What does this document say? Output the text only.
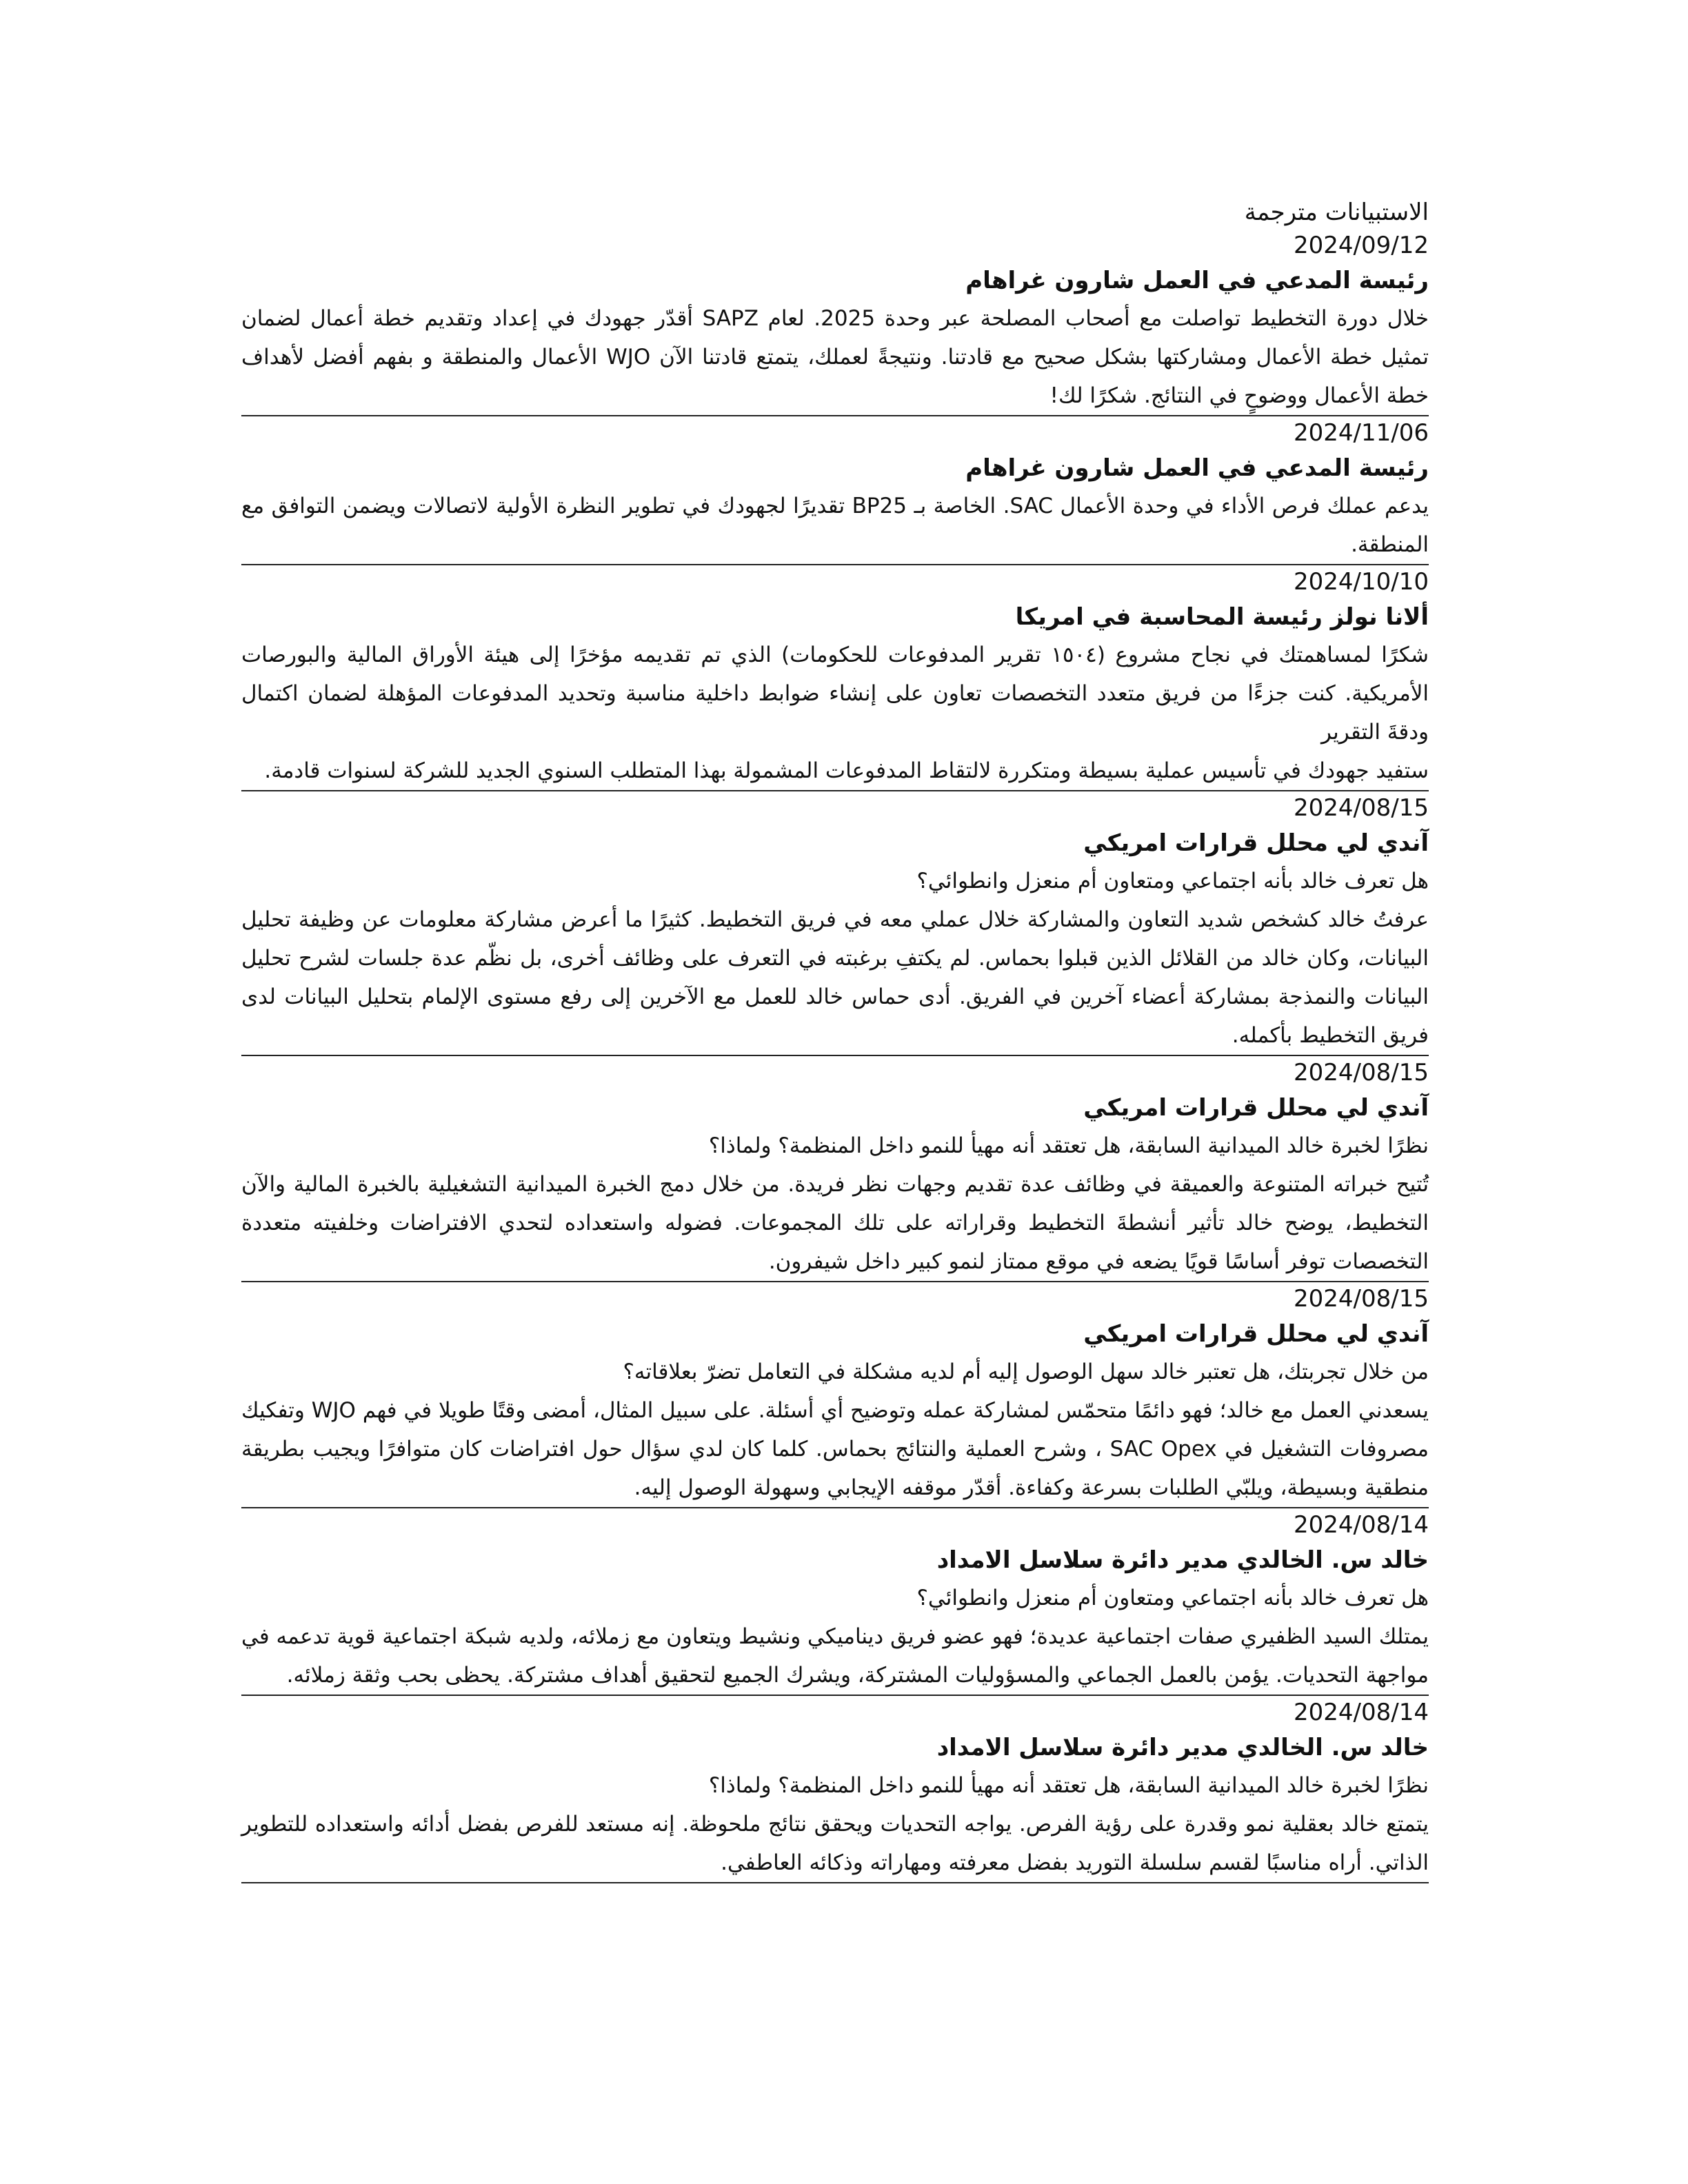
الاستبيانات مترجمة
2024/09/12
رئيسة المدعي في العمل شارون غراهام

خلال دورة التخطيط تواصلت مع أصحاب المصلحة عبر وحدة 2025. لعام SAPZ أقدّر جهودك في إعداد وتقديم خطة أعمال لضمان تمثيل خطة الأعمال ومشاركتها بشكل صحيح مع قادتنا. ونتيجةً لعملك، يتمتع قادتنا الآن WJO الأعمال والمنطقة و بفهم أفضل لأهداف خطة الأعمال ووضوحٍ في النتائج. شكرًا لك!

2024/11/06
رئيسة المدعي في العمل شارون غراهام

يدعم عملك فرص الأداء في وحدة الأعمال SAC. الخاصة بـ BP25 تقديرًا لجهودك في تطوير النظرة الأولية لاتصالات ويضمن التوافق مع المنطقة.

2024/10/10
ألانا نولز رئيسة المحاسبة في امريكا

شكرًا لمساهمتك في نجاح مشروع (١٥٠٤ تقرير المدفوعات للحكومات) الذي تم تقديمه مؤخرًا إلى هيئة الأوراق المالية والبورصات الأمريكية. كنت جزءًا من فريق متعدد التخصصات تعاون على إنشاء ضوابط داخلية مناسبة وتحديد المدفوعات المؤهلة لضمان اكتمال ودقةَ التقرير

ستفيد جهودك في تأسيس عملية بسيطة ومتكررة لالتقاط المدفوعات المشمولة بهذا المتطلب السنوي الجديد للشركة لسنوات قادمة.

2024/08/15
آندي لي محلل قرارات امريكي

هل تعرف خالد بأنه اجتماعي ومتعاون أم منعزل وانطوائي؟

عرفتُ خالد كشخص شديد التعاون والمشاركة خلال عملي معه في فريق التخطيط. كثيرًا ما أعرض مشاركة معلومات عن وظيفة تحليل البيانات، وكان خالد من القلائل الذين قبلوا بحماس. لم يكتفِ برغبته في التعرف على وظائف أخرى، بل نظّم عدة جلسات لشرح تحليل البيانات والنمذجة بمشاركة أعضاء آخرين في الفريق. أدى حماس خالد للعمل مع الآخرين إلى رفع مستوى الإلمام بتحليل البيانات لدى فريق التخطيط بأكمله.

2024/08/15
آندي لي محلل قرارات امريكي

نظرًا لخبرة خالد الميدانية السابقة، هل تعتقد أنه مهيأ للنمو داخل المنظمة؟ ولماذا؟

تُتيح خبراته المتنوعة والعميقة في وظائف عدة تقديم وجهات نظر فريدة. من خلال دمج الخبرة الميدانية التشغيلية بالخبرة المالية والآن التخطيط، يوضح خالد تأثير أنشطةَ التخطيط وقراراته على تلك المجموعات. فضوله واستعداده لتحدي الافتراضات وخلفيته متعددة التخصصات توفر أساسًا قويًا يضعه في موقع ممتاز لنمو كبير داخل شيفرون.

2024/08/15
آندي لي محلل قرارات امريكي

من خلال تجربتك، هل تعتبر خالد سهل الوصول إليه أم لديه مشكلة في التعامل تضرّ بعلاقاته؟

يسعدني العمل مع خالد؛ فهو دائمًا متحمّس لمشاركة عمله وتوضيح أي أسئلة. على سبيل المثال، أمضى وقتًا طويلا في فهم WJO وتفكيك مصروفات التشغيل في SAC Opex ، وشرح العملية والنتائج بحماس. كلما كان لدي سؤال حول افتراضات كان متوافرًا ويجيب بطريقة منطقية وبسيطة، ويلبّي الطلبات بسرعة وكفاءة. أقدّر موقفه الإيجابي وسهولة الوصول إليه.

2024/08/14
خالد س. الخالدي مدير دائرة سلاسل الامداد

هل تعرف خالد بأنه اجتماعي ومتعاون أم منعزل وانطوائي؟

يمتلك السيد الظفيري صفات اجتماعية عديدة؛ فهو عضو فريق ديناميكي ونشيط ويتعاون مع زملائه، ولديه شبكة اجتماعية قوية تدعمه في مواجهة التحديات. يؤمن بالعمل الجماعي والمسؤوليات المشتركة، ويشرك الجميع لتحقيق أهداف مشتركة. يحظى بحب وثقة زملائه.

2024/08/14
خالد س. الخالدي مدير دائرة سلاسل الامداد

نظرًا لخبرة خالد الميدانية السابقة، هل تعتقد أنه مهيأ للنمو داخل المنظمة؟ ولماذا؟

يتمتع خالد بعقلية نمو وقدرة على رؤية الفرص. يواجه التحديات ويحقق نتائج ملحوظة. إنه مستعد للفرص بفضل أدائه واستعداده للتطوير الذاتي. أراه مناسبًا لقسم سلسلة التوريد بفضل معرفته ومهاراته وذكائه العاطفي.
